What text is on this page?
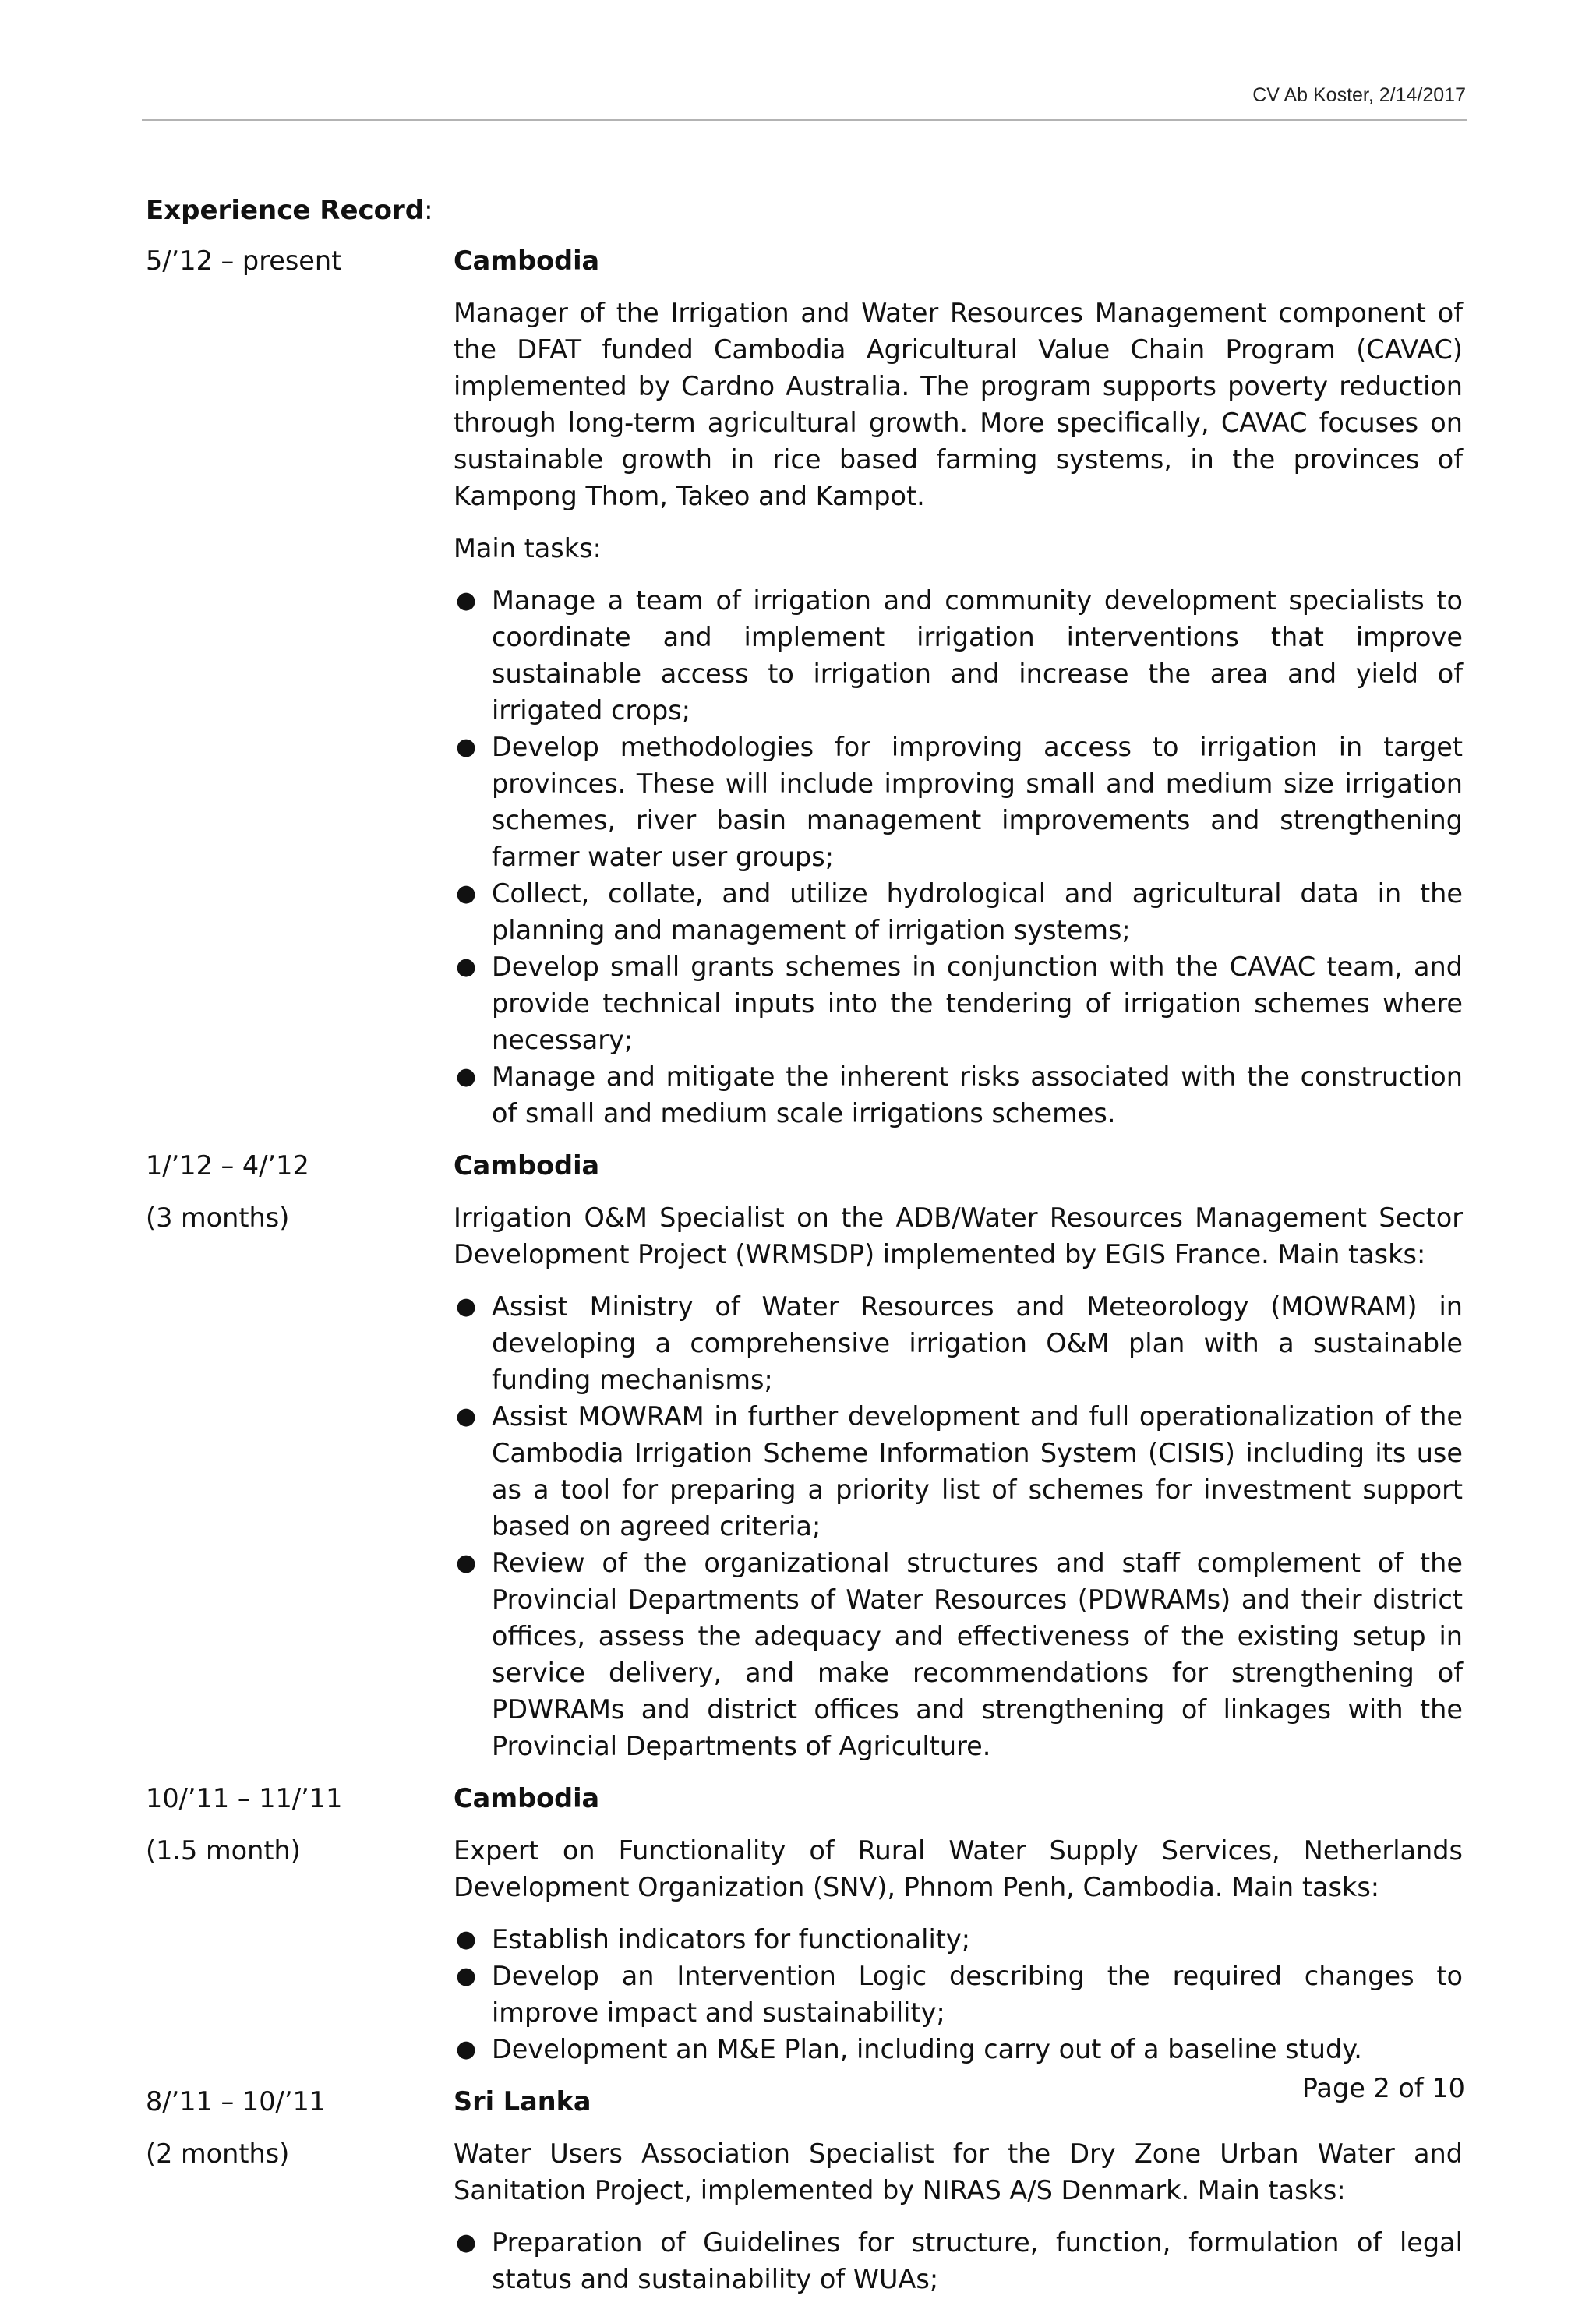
CV Ab Koster, 2/14/2017
Experience Record:
5/’12 – present	Cambodia

Manager of the Irrigation and Water Resources Management component of the DFAT funded Cambodia Agricultural Value Chain Program (CAVAC) implemented by Cardno Australia. The program supports poverty reduction through long-term agricultural growth. More specifically, CAVAC focuses on sustainable growth in rice based farming systems, in the provinces of Kampong Thom, Takeo and Kampot.

Main tasks:

● Manage a team of irrigation and community development specialists to coordinate and implement irrigation interventions that improve sustainable access to irrigation and increase the area and yield of irrigated crops;
● Develop methodologies for improving access to irrigation in target provinces. These will include improving small and medium size irrigation schemes, river basin management improvements and strengthening farmer water user groups;
● Collect, collate, and utilize hydrological and agricultural data in the planning and management of irrigation systems;
● Develop small grants schemes in conjunction with the CAVAC team, and provide technical inputs into the tendering of irrigation schemes where necessary;
● Manage and mitigate the inherent risks associated with the construction of small and medium scale irrigations schemes.
1/’12 – 4/’12
(3 months)
Cambodia

Irrigation O&M Specialist on the ADB/Water Resources Management Sector Development Project (WRMSDP) implemented by EGIS France. Main tasks:

● Assist Ministry of Water Resources and Meteorology (MOWRAM) in developing a comprehensive irrigation O&M plan with a sustainable funding mechanisms;
● Assist MOWRAM in further development and full operationalization of the Cambodia Irrigation Scheme Information System (CISIS) including its use as a tool for preparing a priority list of schemes for investment support based on agreed criteria;
● Review of the organizational structures and staff complement of the Provincial Departments of Water Resources (PDWRAMs) and their district offices, assess the adequacy and effectiveness of the existing setup in service delivery, and make recommendations for strengthening of PDWRAMs and district offices and strengthening of linkages with the Provincial Departments of Agriculture.
10/’11 – 11/’11
(1.5 month)
Cambodia

Expert on Functionality of Rural Water Supply Services, Netherlands Development Organization (SNV), Phnom Penh, Cambodia. Main tasks:

● Establish indicators for functionality;
● Develop an Intervention Logic describing the required changes to improve impact and sustainability;
● Development an M&E Plan, including carry out of a baseline study.
8/’11 – 10/’11
(2 months)
Sri Lanka

Water Users Association Specialist for the Dry Zone Urban Water and Sanitation Project, implemented by NIRAS A/S Denmark. Main tasks:

● Preparation of Guidelines for structure, function, formulation of legal status and sustainability of WUAs;
Page 2 of 10
